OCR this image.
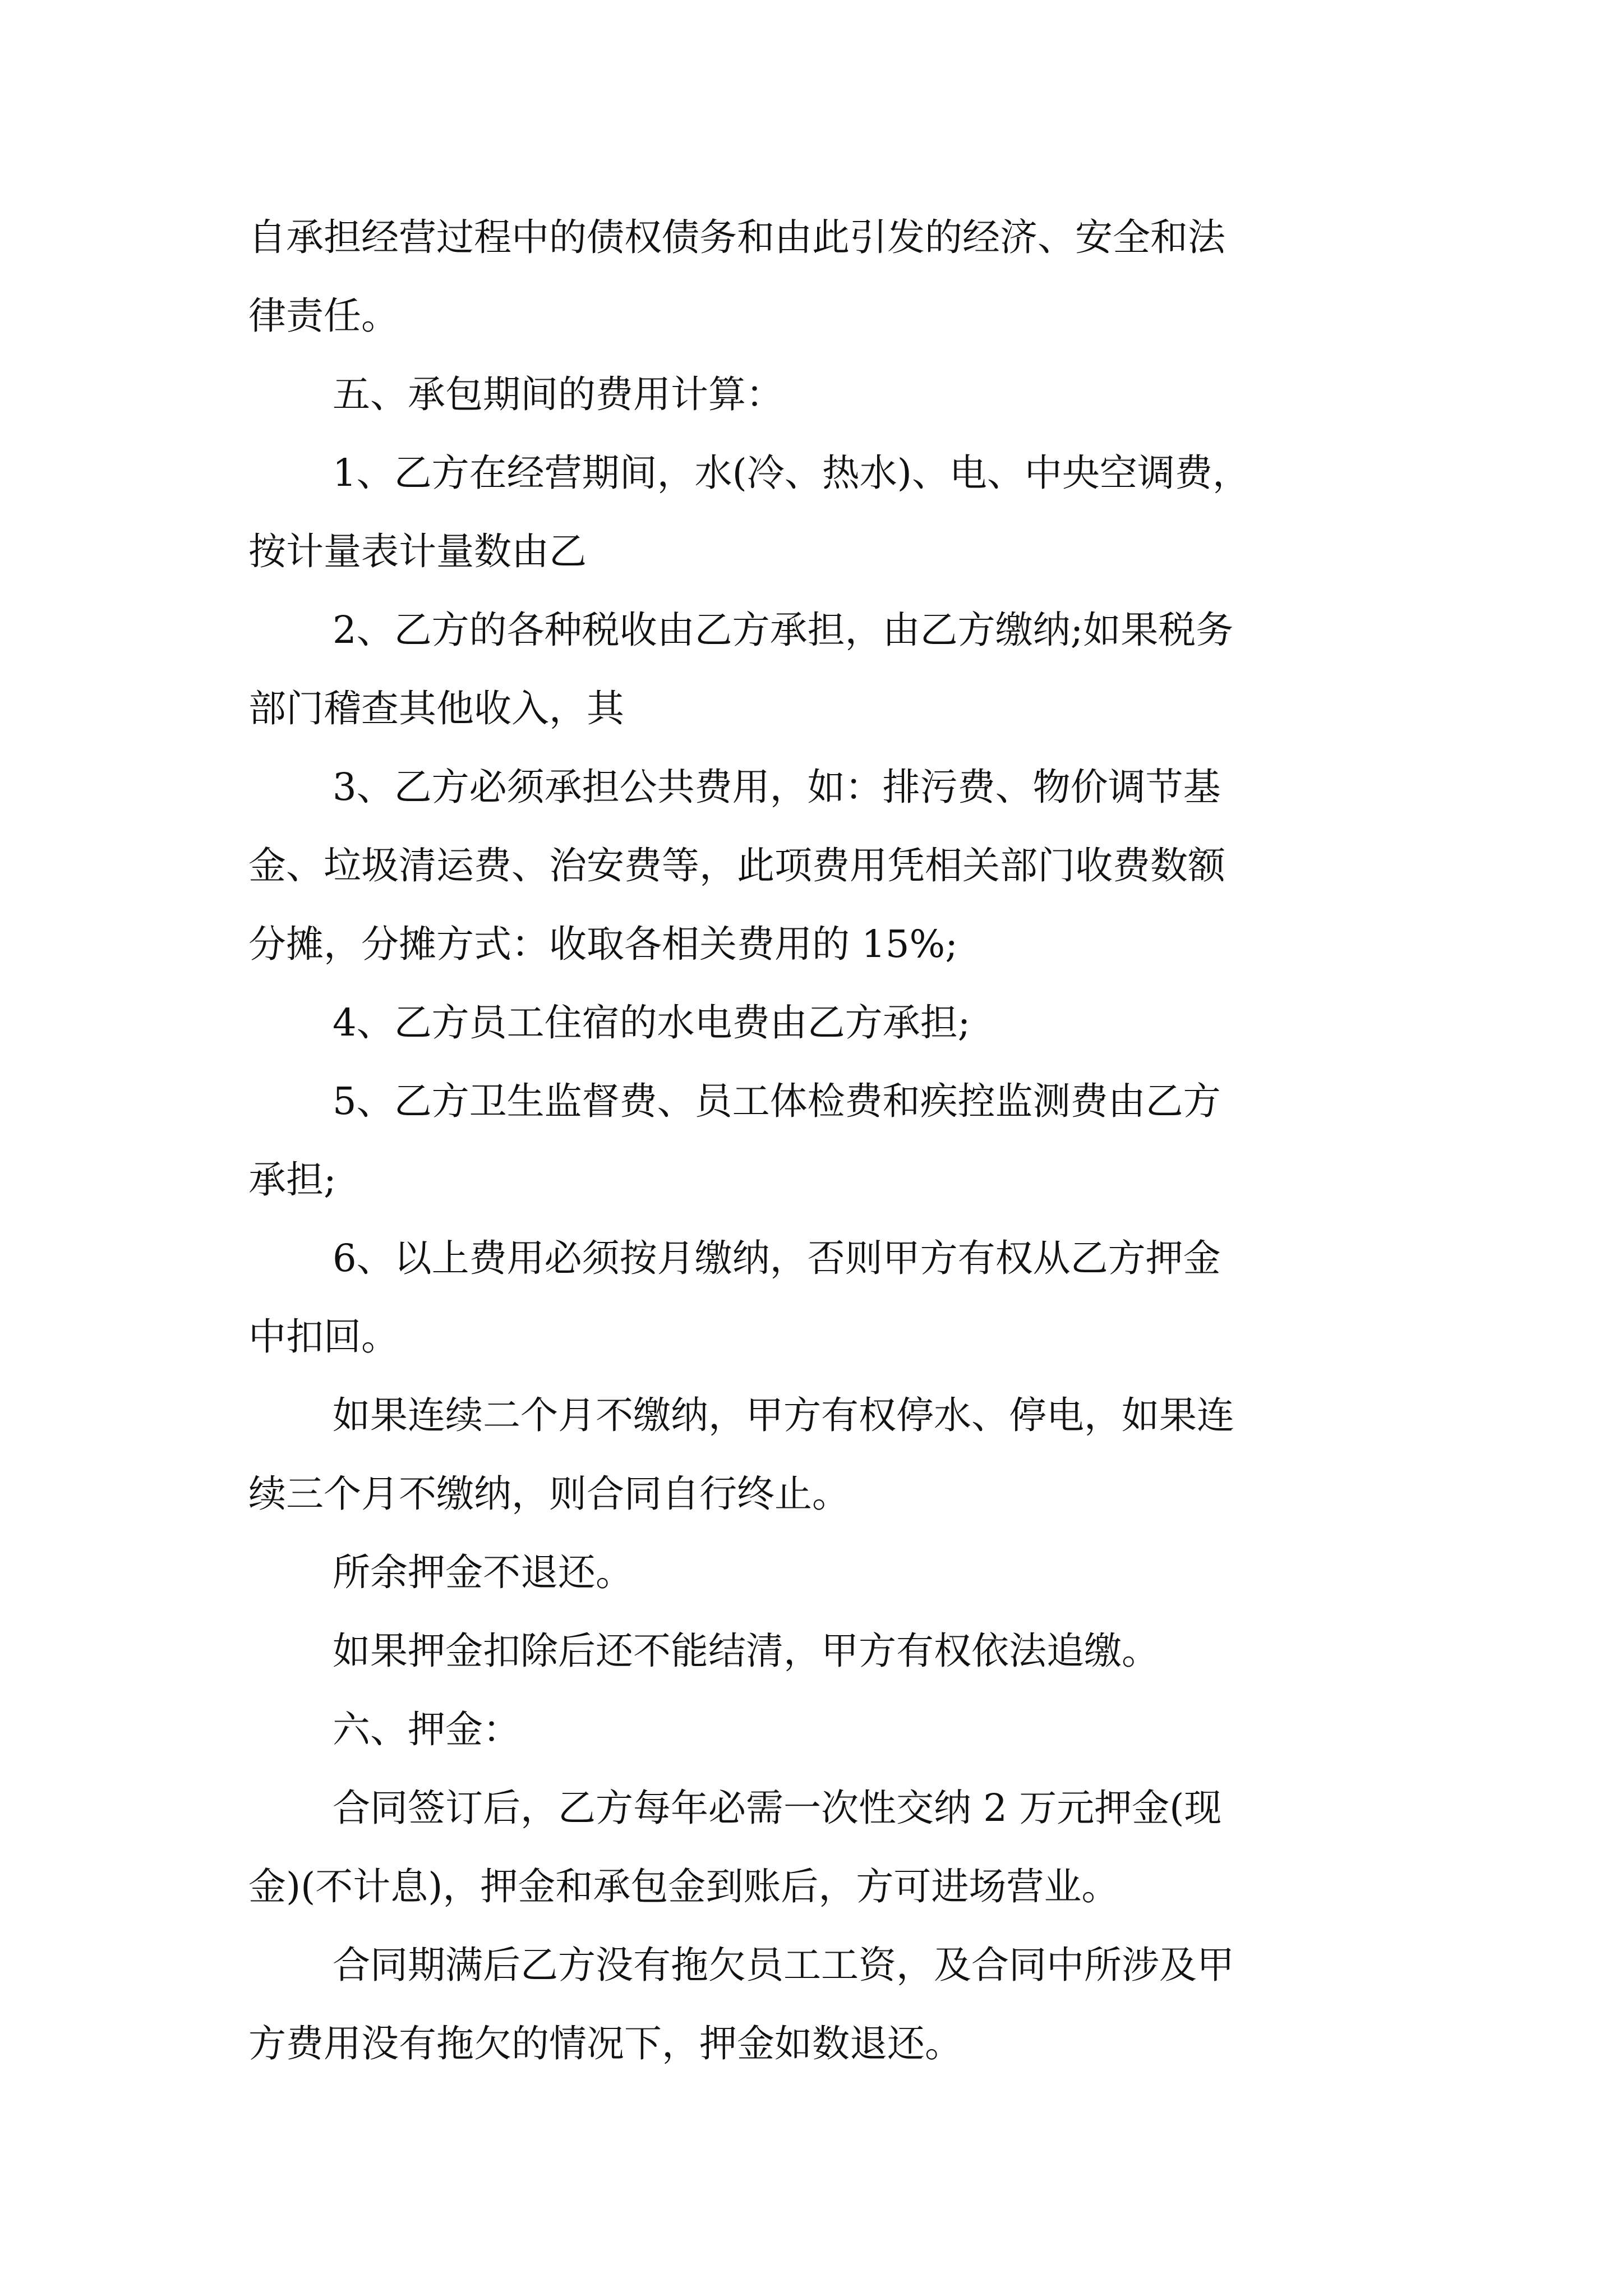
自承担经营过程中的债权债务和由此引发的经济、安全和法
律责任。
五、承包期间的费用计算：
1、乙方在经营期间，水(冷、热水)、电、中央空调费，
按计量表计量数由乙
2、乙方的各种税收由乙方承担，由乙方缴纳;如果税务
部门稽查其他收入，其
3、乙方必须承担公共费用，如：排污费、物价调节基
金、垃圾清运费、治安费等，此项费用凭相关部门收费数额
分摊，分摊方式：收取各相关费用的 15%;
4、乙方员工住宿的水电费由乙方承担;
5、乙方卫生监督费、员工体检费和疾控监测费由乙方
承担;
6、以上费用必须按月缴纳，否则甲方有权从乙方押金
中扣回。
如果连续二个月不缴纳，甲方有权停水、停电，如果连
续三个月不缴纳，则合同自行终止。
所余押金不退还。
如果押金扣除后还不能结清，甲方有权依法追缴。
六、押金：
合同签订后，乙方每年必需一次性交纳 2 万元押金(现
金)(不计息)，押金和承包金到账后，方可进场营业。
合同期满后乙方没有拖欠员工工资，及合同中所涉及甲
方费用没有拖欠的情况下，押金如数退还。
